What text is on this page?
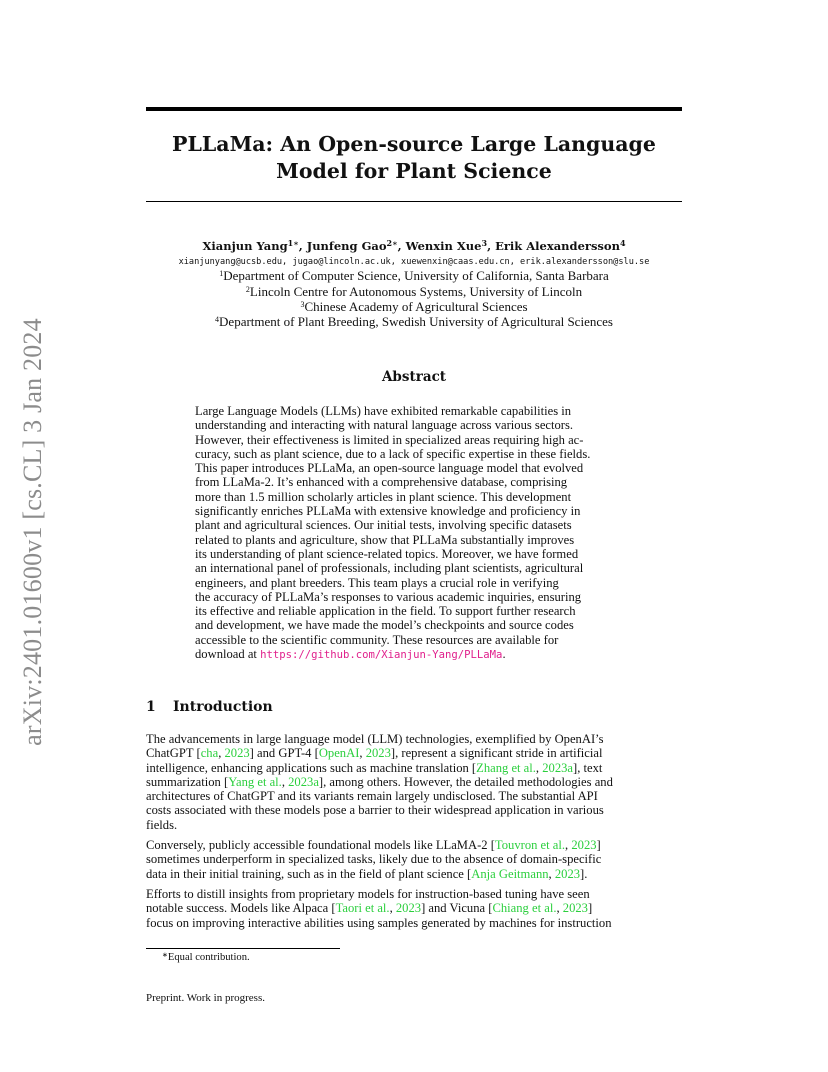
arXiv:2401.01600v1 [cs.CL] 3 Jan 2024
PLLaMa: An Open-source Large Language
Model for Plant Science
Xianjun Yang$^{1∗}$, Junfeng Gao$^{2∗}$, Wenxin Xue$^3$, Erik Alexandersson$^4$
xianjunyang@ucsb.edu, jugao@lincoln.ac.uk, xuewenxin@caas.edu.cn, erik.alexandersson@slu.se
$^1$Department of Computer Science, University of California, Santa Barbara
$^2$Lincoln Centre for Autonomous Systems, University of Lincoln
$^3$Chinese Academy of Agricultural Sciences
$^4$Department of Plant Breeding, Swedish University of Agricultural Sciences
Abstract
Large Language Models (LLMs) have exhibited remarkable capabilities in
understanding and interacting with natural language across various sectors.
However, their effectiveness is limited in specialized areas requiring high ac-
curacy, such as plant science, due to a lack of specific expertise in these fields.
This paper introduces PLLaMa, an open-source language model that evolved
from LLaMa-2. It’s enhanced with a comprehensive database, comprising
more than 1.5 million scholarly articles in plant science. This development
significantly enriches PLLaMa with extensive knowledge and proficiency in
plant and agricultural sciences. Our initial tests, involving specific datasets
related to plants and agriculture, show that PLLaMa substantially improves
its understanding of plant science-related topics. Moreover, we have formed
an international panel of professionals, including plant scientists, agricultural
engineers, and plant breeders. This team plays a crucial role in verifying
the accuracy of PLLaMa’s responses to various academic inquiries, ensuring
its effective and reliable application in the field. To support further research
and development, we have made the model’s checkpoints and source codes
accessible to the scientific community. These resources are available for
download at https://github.com/Xianjun-Yang/PLLaMa.
1 Introduction
The advancements in large language model (LLM) technologies, exemplified by OpenAI’s
ChatGPT [cha, 2023] and GPT-4 [OpenAI, 2023], represent a significant stride in artificial
intelligence, enhancing applications such as machine translation [Zhang et al., 2023a], text
summarization [Yang et al., 2023a], among others. However, the detailed methodologies and
architectures of ChatGPT and its variants remain largely undisclosed. The substantial API
costs associated with these models pose a barrier to their widespread application in various
fields.
Conversely, publicly accessible foundational models like LLaMA-2 [Touvron et al., 2023]
sometimes underperform in specialized tasks, likely due to the absence of domain-specific
data in their initial training, such as in the field of plant science [Anja Geitmann, 2023].
Efforts to distill insights from proprietary models for instruction-based tuning have seen
notable success. Models like Alpaca [Taori et al., 2023] and Vicuna [Chiang et al., 2023]
focus on improving interactive abilities using samples generated by machines for instruction
∗Equal contribution.
Preprint. Work in progress.
